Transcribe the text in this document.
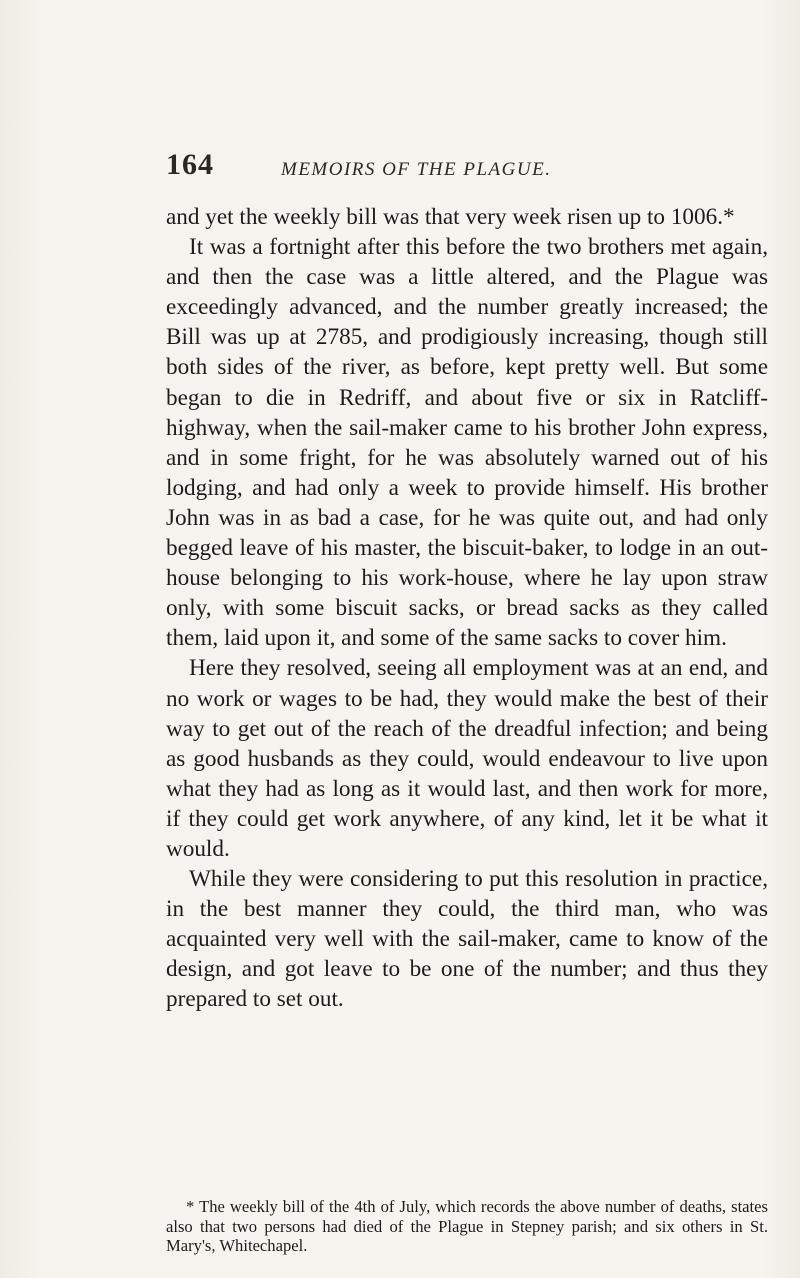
164	MEMOIRS OF THE PLAGUE.

and yet the weekly bill was that very week risen up to 1006.*

It was a fortnight after this before the two brothers met again, and then the case was a little altered, and the Plague was exceedingly advanced, and the number greatly increased; the Bill was up at 2785, and prodigiously increasing, though still both sides of the river, as before, kept pretty well. But some began to die in Redriff, and about five or six in Ratcliff-highway, when the sail-maker came to his brother John express, and in some fright, for he was absolutely warned out of his lodging, and had only a week to provide himself. His brother John was in as bad a case, for he was quite out, and had only begged leave of his master, the biscuit-baker, to lodge in an out-house belonging to his work-house, where he lay upon straw only, with some biscuit sacks, or bread sacks as they called them, laid upon it, and some of the same sacks to cover him.

Here they resolved, seeing all employment was at an end, and no work or wages to be had, they would make the best of their way to get out of the reach of the dreadful infection; and being as good husbands as they could, would endeavour to live upon what they had as long as it would last, and then work for more, if they could get work anywhere, of any kind, let it be what it would.

While they were considering to put this resolution in practice, in the best manner they could, the third man, who was acquainted very well with the sail-maker, came to know of the design, and got leave to be one of the number; and thus they prepared to set out.

* The weekly bill of the 4th of July, which records the above number of deaths, states also that two persons had died of the Plague in Stepney parish; and six others in St. Mary's, Whitechapel.
